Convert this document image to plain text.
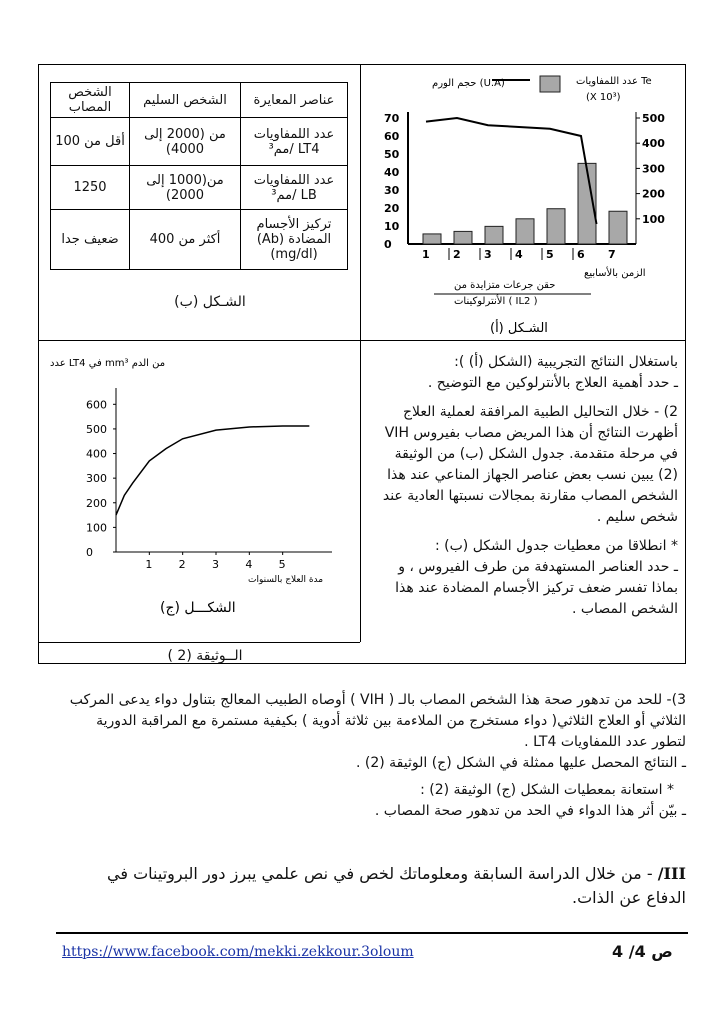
الشخص المصاب	الشخص السليم	عناصر المعايرة
أقل من 100	من (2000 إلى 4000)	عدد اللمفاويات LT4 /مم³
1250	من(1000 إلى 2000)	عدد اللمفاويات LB /مم³
ضعيف جدا	أكثر من 400	تركيز الأجسام المضادة (Ab) (mg/dl)
الشـكل (ب)
0
10
20
30
40
50
60
70
100
200
300
400
500
1 2 3 4 5 6 7
حجم الورم (U.A)	عدد اللمفاويات Te
(X 10³)
الزمن بالأسابيع
حقن جرعات متزايدة من
الأنترلوكينات ( IL2 )
الشـكل (أ)
0
100
200
300
400
500
600
1 2 3 4 5
عدد LT4 في mm³ من الدم
مدة العلاج بالسنوات
الشكـــل (ج)
الــوثيقة (2 )
باستغلال النتائج التجريبية (الشكل (أ) ):
ـ حدد أهمية العلاج بالأنترلوكين مع التوضيح .
2) - خلال التحاليل الطبية المرافقة لعملية العلاج أظهرت النتائج أن هذا المريض مصاب بفيروس VIH في مرحلة متقدمة. جدول الشكل (ب) من الوثيقة (2) يبين نسب بعض عناصر الجهاز المناعي عند هذا الشخص المصاب مقارنة بمجالات نسبتها العادية عند شخص سليم .
* انطلاقا من معطيات جدول الشكل (ب) :
ـ حدد العناصر المستهدفة من طرف الفيروس ، و بماذا تفسر ضعف تركيز الأجسام المضادة عند هذا الشخص المصاب .
3)- للحد من تدهور صحة هذا الشخص المصاب بالـ ( VIH ) أوصاه الطبيب المعالج بتناول دواء يدعى المركب الثلاثي أو العلاج الثلاثي( دواء مستخرج من الملاءمة بين ثلاثة أدوية ) بكيفية مستمرة مع المراقبة الدورية لتطور عدد اللمفاويات LT4 .
ـ النتائج المحصل عليها ممثلة في الشكل (ج) الوثيقة (2) .
* استعانة بمعطيات الشكل (ج) الوثيقة (2) :
ـ بيّن أثر هذا الدواء في الحد من تدهور صحة المصاب .
III/ - من خلال الدراسة السابقة ومعلوماتك لخص في نص علمي يبرز دور البروتينات في الدفاع عن الذات.
https://www.facebook.com/mekki.zekkour.3oloum	ص 4/ 4
